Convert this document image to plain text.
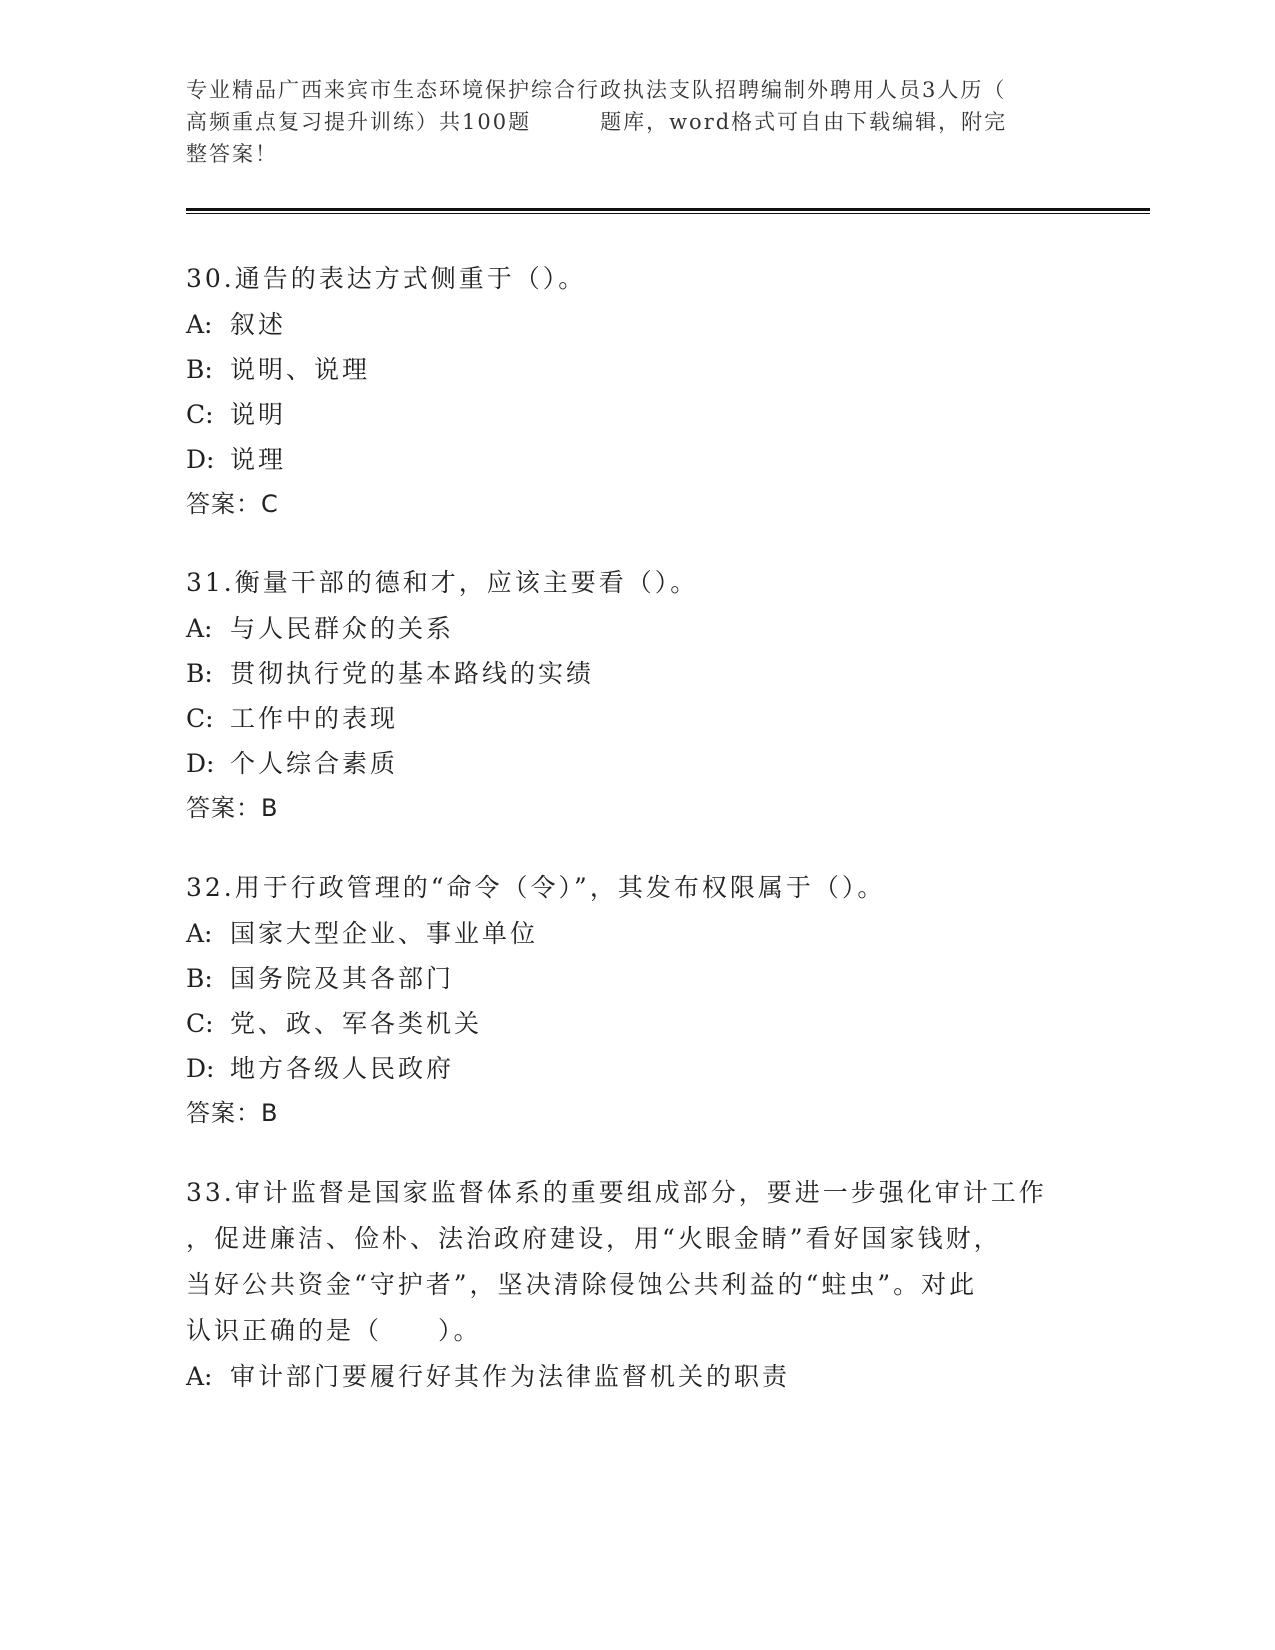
专业精品广西来宾市生态环境保护综合行政执法支队招聘编制外聘用人员3人历（
高频重点复习提升训练）共100题　　　题库，word格式可自由下载编辑，附完
整答案！
30.通告的表达方式侧重于（）。
A: 叙述
B: 说明、说理
C: 说明
D: 说理
答案：C
31.衡量干部的德和才，应该主要看（）。
A: 与人民群众的关系
B: 贯彻执行党的基本路线的实绩
C: 工作中的表现
D: 个人综合素质
答案：B
32.用于行政管理的“命令（令）”，其发布权限属于（）。
A: 国家大型企业、事业单位
B: 国务院及其各部门
C: 党、政、军各类机关
D: 地方各级人民政府
答案：B
33.审计监督是国家监督体系的重要组成部分，要进一步强化审计工作
，促进廉洁、俭朴、法治政府建设，用“火眼金睛”看好国家钱财，
当好公共资金“守护者”，坚决清除侵蚀公共利益的“蛀虫”。对此
认识正确的是（　　）。
A: 审计部门要履行好其作为法律监督机关的职责
